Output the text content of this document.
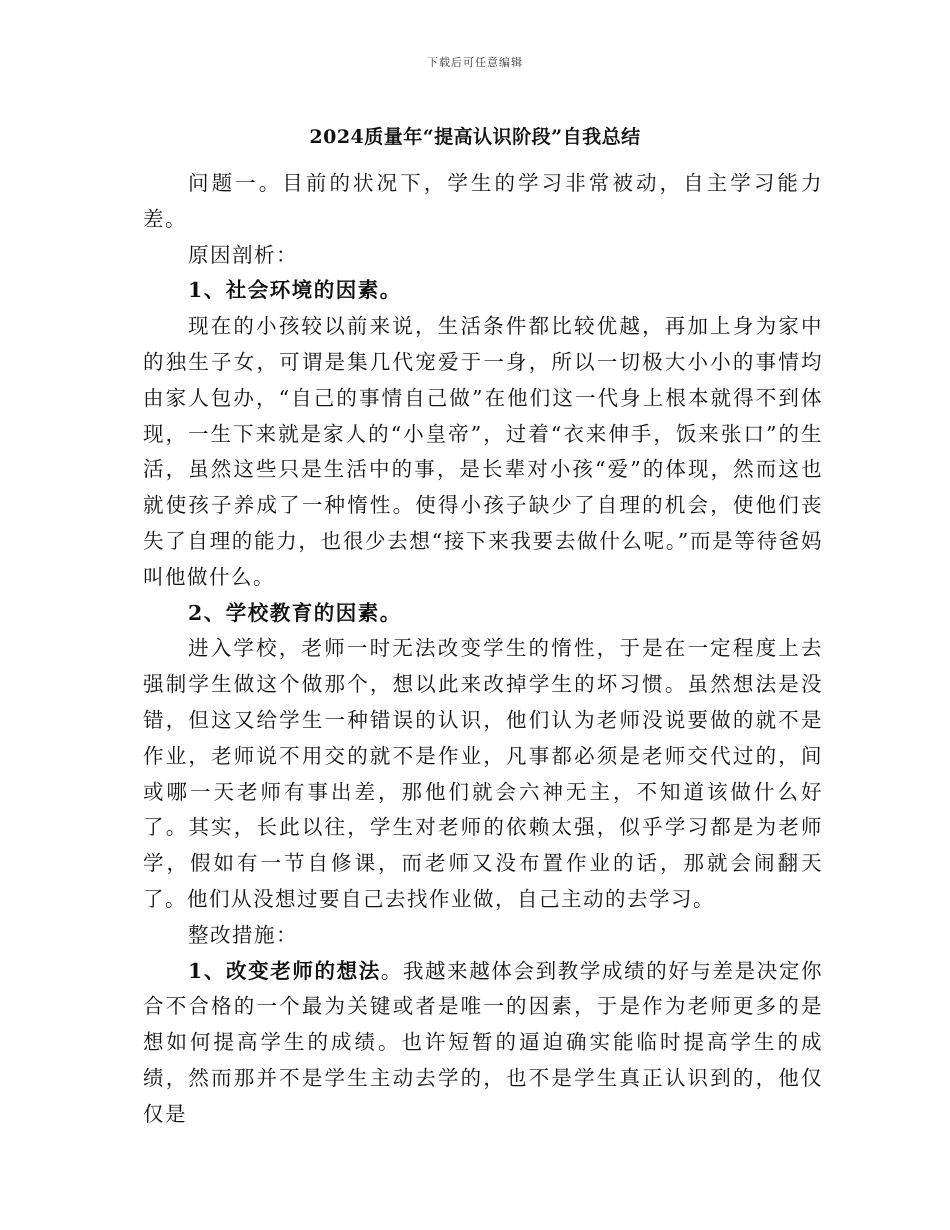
下载后可任意编辑
2024质量年“提高认识阶段”自我总结

问题一。目前的状况下，学生的学习非常被动，自主学习能力差。

原因剖析：

1、社会环境的因素。

现在的小孩较以前来说，生活条件都比较优越，再加上身为家中的独生子女，可谓是集几代宠爱于一身，所以一切极大小小的事情均由家人包办，“自己的事情自己做”在他们这一代身上根本就得不到体现，一生下来就是家人的“小皇帝”，过着“衣来伸手，饭来张口”的生活，虽然这些只是生活中的事，是长辈对小孩“爱”的体现，然而这也就使孩子养成了一种惰性。使得小孩子缺少了自理的机会，使他们丧失了自理的能力，也很少去想“接下来我要去做什么呢。”而是等待爸妈叫他做什么。

2、学校教育的因素。

进入学校，老师一时无法改变学生的惰性，于是在一定程度上去强制学生做这个做那个，想以此来改掉学生的坏习惯。虽然想法是没错，但这又给学生一种错误的认识，他们认为老师没说要做的就不是作业，老师说不用交的就不是作业，凡事都必须是老师交代过的，间或哪一天老师有事出差，那他们就会六神无主，不知道该做什么好了。其实，长此以往，学生对老师的依赖太强，似乎学习都是为老师学，假如有一节自修课，而老师又没布置作业的话，那就会闹翻天了。他们从没想过要自己去找作业做，自己主动的去学习。

整改措施：

1、改变老师的想法。我越来越体会到教学成绩的好与差是决定你合不合格的一个最为关键或者是唯一的因素，于是作为老师更多的是想如何提高学生的成绩。也许短暂的逼迫确实能临时提高学生的成绩，然而那并不是学生主动去学的，也不是学生真正认识到的，他仅仅是
